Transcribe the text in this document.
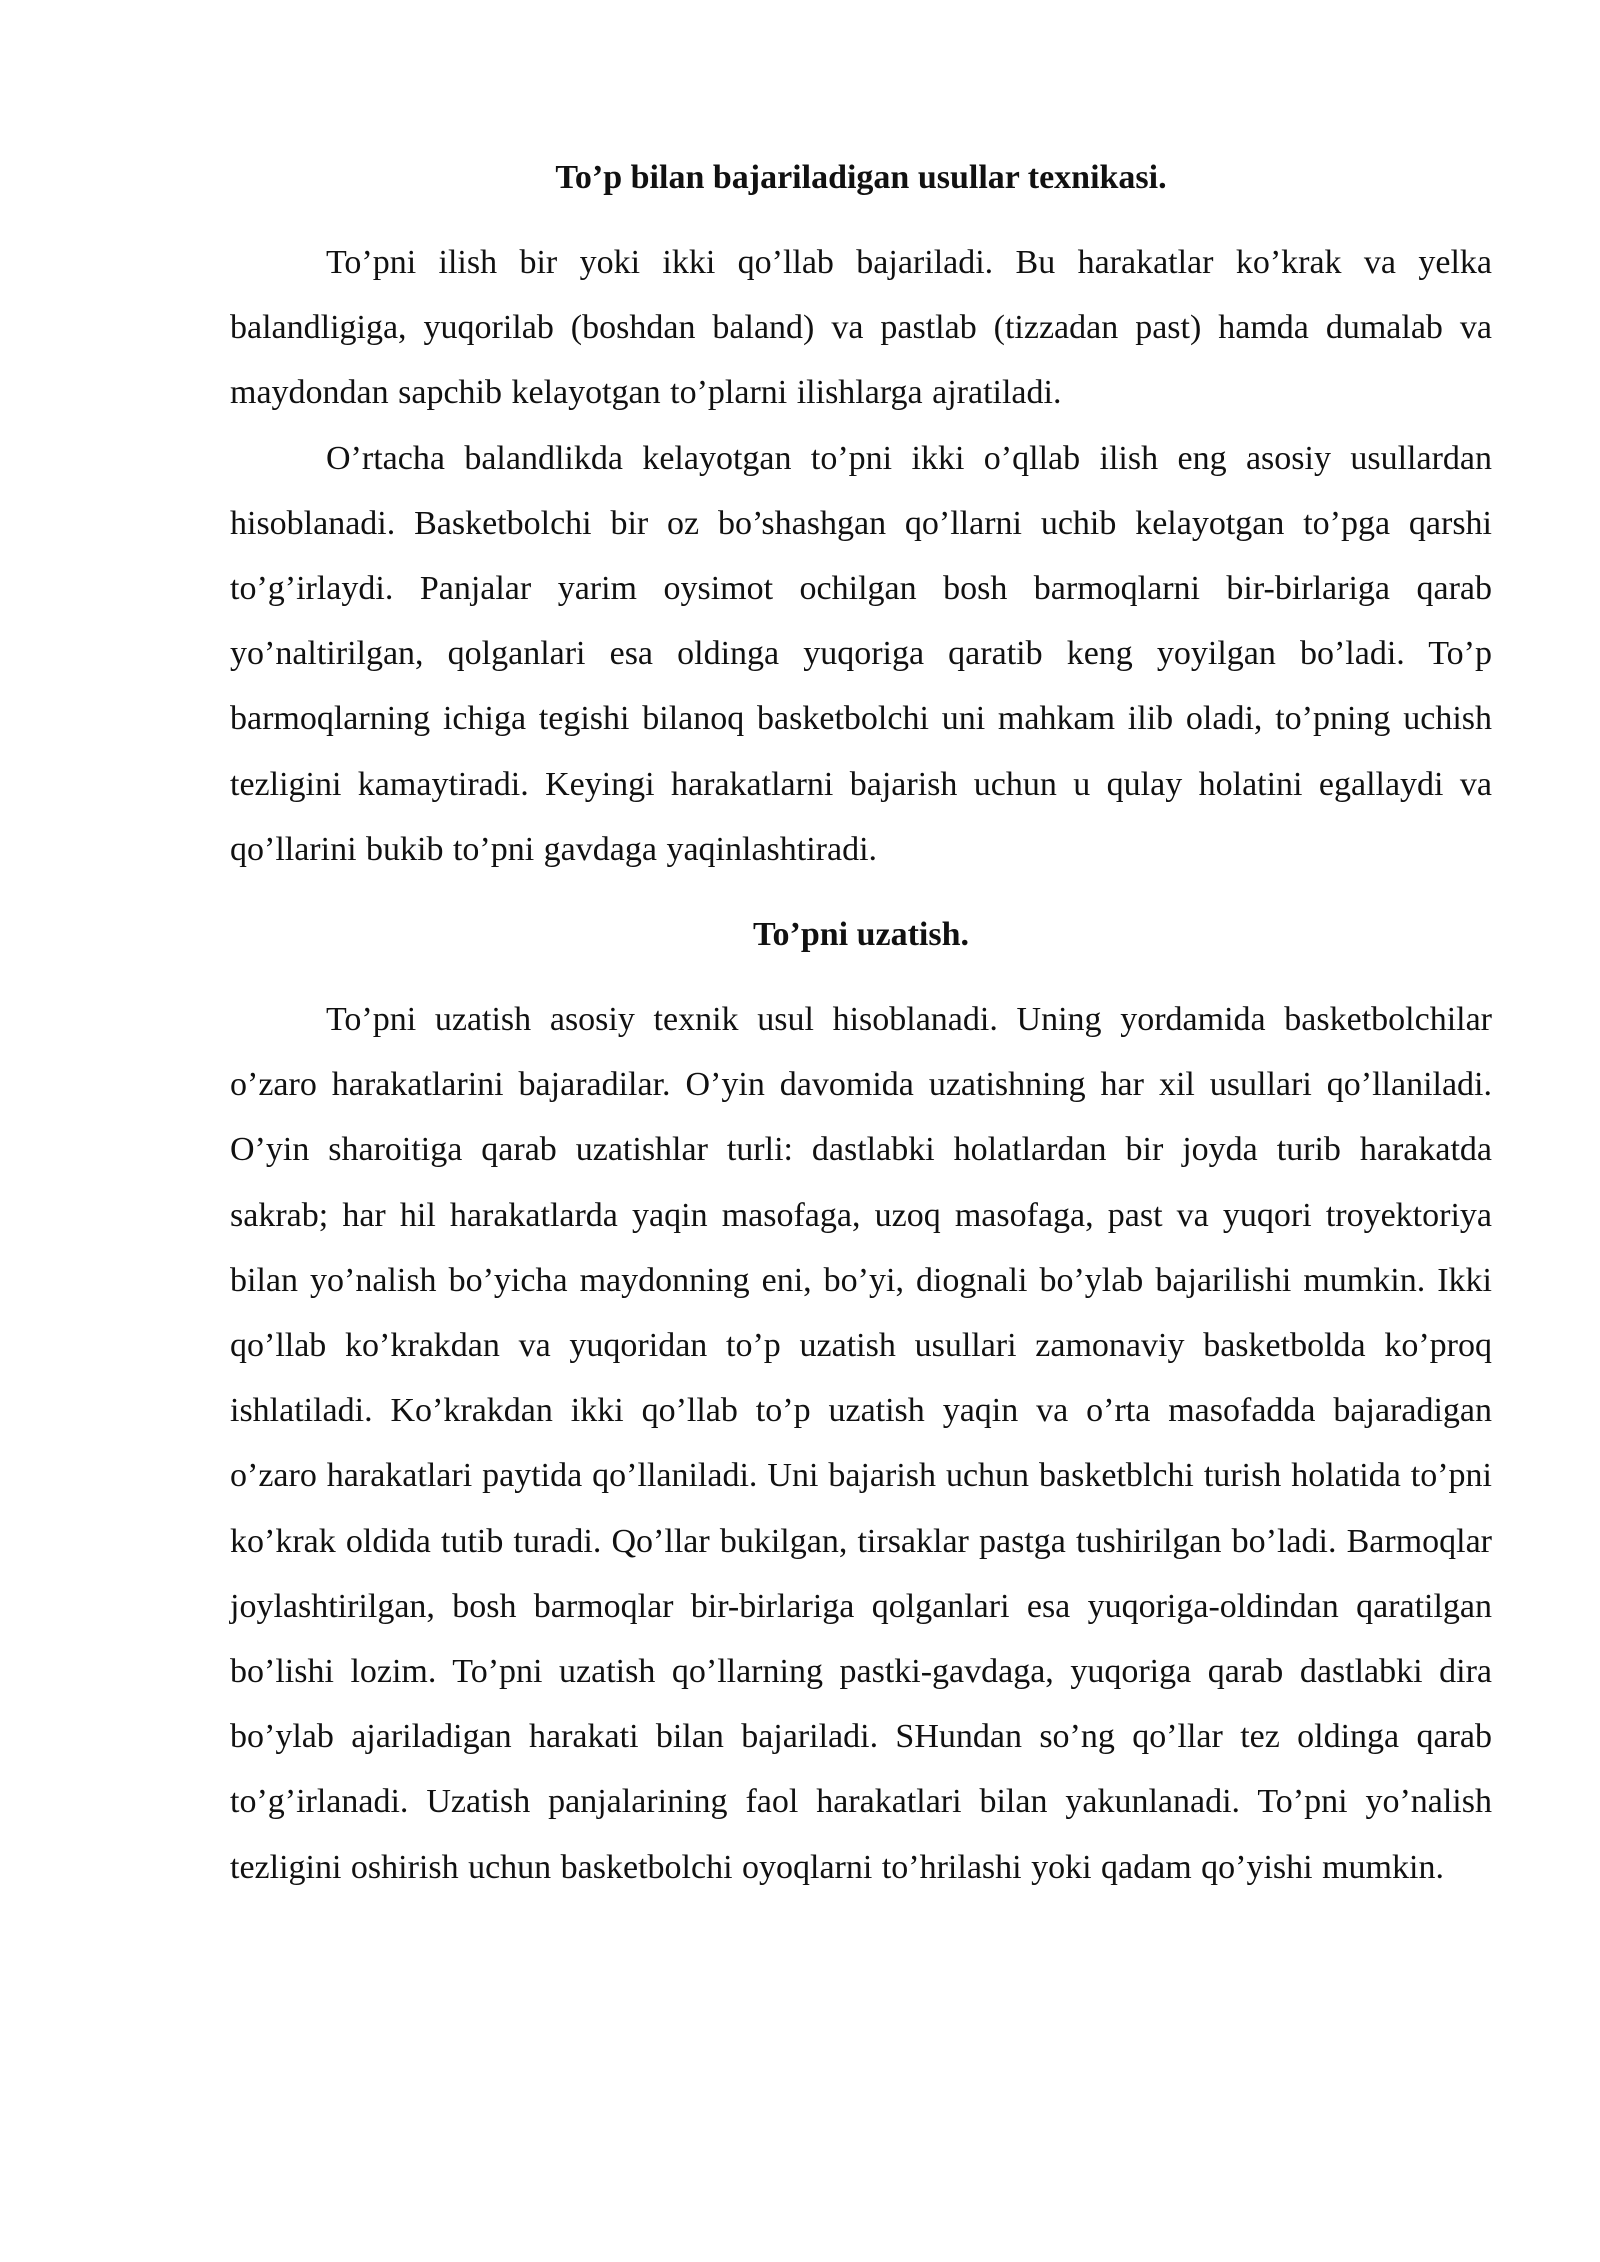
To’p bilan bajariladigan usullar texnikasi.

To’pni ilish bir yoki ikki qo’llab bajariladi. Bu harakatlar ko’krak va yelka balandligiga, yuqorilab (boshdan baland) va pastlab (tizzadan past) hamda dumalab va maydondan sapchib kelayotgan to’plarni ilishlarga ajratiladi.

O’rtacha balandlikda kelayotgan to’pni ikki o’qllab ilish eng asosiy usullardan hisoblanadi. Basketbolchi bir oz bo’shashgan qo’llarni uchib kelayotgan to’pga qarshi to’g’irlaydi. Panjalar yarim oysimot ochilgan bosh barmoqlarni bir-birlariga qarab yo’naltirilgan, qolganlari esa oldinga yuqoriga qaratib keng yoyilgan bo’ladi. To’p barmoqlarning ichiga tegishi bilanoq basketbolchi uni mahkam ilib oladi, to’pning uchish tezligini kamaytiradi. Keyingi harakatlarni bajarish uchun u qulay holatini egallaydi va qo’llarini bukib to’pni gavdaga yaqinlashtiradi.

To’pni uzatish.

To’pni uzatish asosiy texnik usul hisoblanadi. Uning yordamida basketbolchilar o’zaro harakatlarini bajaradilar. O’yin davomida uzatishning har xil usullari qo’llaniladi. O’yin sharoitiga qarab uzatishlar turli: dastlabki holatlardan bir joyda turib harakatda sakrab; har hil harakatlarda yaqin masofaga, uzoq masofaga, past va yuqori troyektoriya bilan yo’nalish bo’yicha maydonning eni, bo’yi, diognali bo’ylab bajarilishi mumkin. Ikki qo’llab ko’krakdan va yuqoridan to’p uzatish usullari zamonaviy basketbolda ko’proq ishlatiladi. Ko’krakdan ikki qo’llab to’p uzatish yaqin va o’rta masofadda bajaradigan o’zaro harakatlari paytida qo’llaniladi. Uni bajarish uchun basketblchi turish holatida to’pni ko’krak oldida tutib turadi. Qo’llar bukilgan, tirsaklar pastga tushirilgan bo’ladi. Barmoqlar joylashtirilgan, bosh barmoqlar bir-birlariga qolganlari esa yuqoriga-oldindan qaratilgan bo’lishi lozim. To’pni uzatish qo’llarning pastki-gavdaga, yuqoriga qarab dastlabki dira bo’ylab ajariladigan harakati bilan bajariladi. SHundan so’ng qo’llar tez oldinga qarab to’g’irlanadi. Uzatish panjalarining faol harakatlari bilan yakunlanadi. To’pni yo’nalish tezligini oshirish uchun basketbolchi oyoqlarni to’hrilashi yoki qadam qo’yishi mumkin.
